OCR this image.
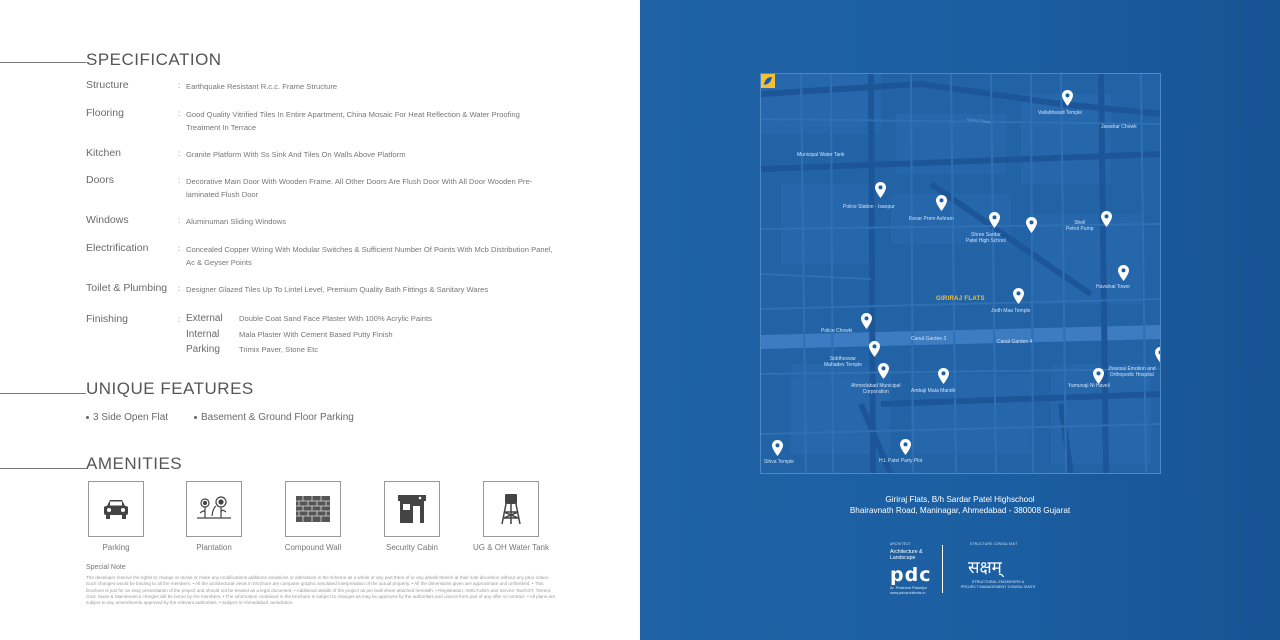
SPECIFICATION
Structure	: Earthquake Resistant R.c.c. Frame Structure
Flooring	: Good Quality Vitrified Tiles In Entire Apartment, China Mosaic For Heat Reflection & Water Proofing Treatment In Terrace
Kitchen	: Granite Platform With Ss Sink And Tiles On Walls Above Platform
Doors	: Decorative Main Door With Wooden Frame. All Other Doors Are Flush Door With All Door Wooden Pre-laminated Flush Door
Windows	: Aluminuman Sliding Windows
Electrification	: Concealed Copper Wiring With Modular Switches & Sufficient Number Of Points With Mcb Distribution Panel, Ac & Geyser Points
Toilet & Plumbing	: Designer Glazed Tiles Up To Lintel Level, Premium Quality Bath Fittings & Sanitary Wares
Finishing	: External	Double Coat Sand Face Plaster With 100% Acrylic Paints
Internal	Mala Plaster With Cement Based Putty Finish
Parking	Trimix Paver, Stone Etc
UNIQUE FEATURES
3 Side Open Flat	Basement & Ground Floor Parking
AMENITIES
Parking	Plantation	Compound Wall	Security Cabin	UG & OH Water Tank
Special Note
The developer reserve the rights to change or revise or make any modifications additions omissions or alterations in the scheme as a whole or any part there of or any details therein at their sole discretion without any prior notice. Such changes would be binding to all the members. • All the architectural views in brochure are computer graphic simulated interpretation of the actual property. • All the dimensions given are approximate and unfinished. • This brochure is just for an easy presentation of the project and should not be treated as a legal document. • Additional details of the project as per built sheet attached herewith. • Registration, AMC/AUDA and Service Tax/GST, Torrent, Govt. taxes & Maintenance charges will be borne by the members. • The information contained in the brochure is subject to changes as may be approved by the authorities and cannot form part of any offer or contract. • All plans are subject to any amendments approved by the relevant authorities. • Subject to Ahmedabad Jurisdiction.
Gopal Chowk
Municipal Water Tank
Canal Garden 3	Canal Garden 4
Jawahar Chowk
GIRIRAJ FLATS
Vallabhwadi Temple
Police Station - Isanpur
Kesar Prem Ashram
Shree Sardar
Patel High School
Shell
Petrol Pump
Havalnai Tower
Jodh Maa Temple
Police Chowki
Siddheswar
Mahadev Temple
Ahmedabad Municipal
Corporation	Ambaji Mata Mandir
Yamunaji Ni Haveli
Jivansai Emotion and
Orthopedic Hospital
Shiva Temple	H.L Patel Party Plot
Giriraj Flats, B/h Sardar Patel Highschool
Bhairavnath Road, Maninagar, Ahmedabad - 380008 Gujarat
ARCHITECT
Architecture &
Landscape
pdc
Ar. Prashant Patadiya
www.pdcarchitects.in
STRUCTURE CONSULTANT
सक्षम्
STRUCTURAL ENGINEERS &
PROJECT MANAGEMENT CONSULTANTS
